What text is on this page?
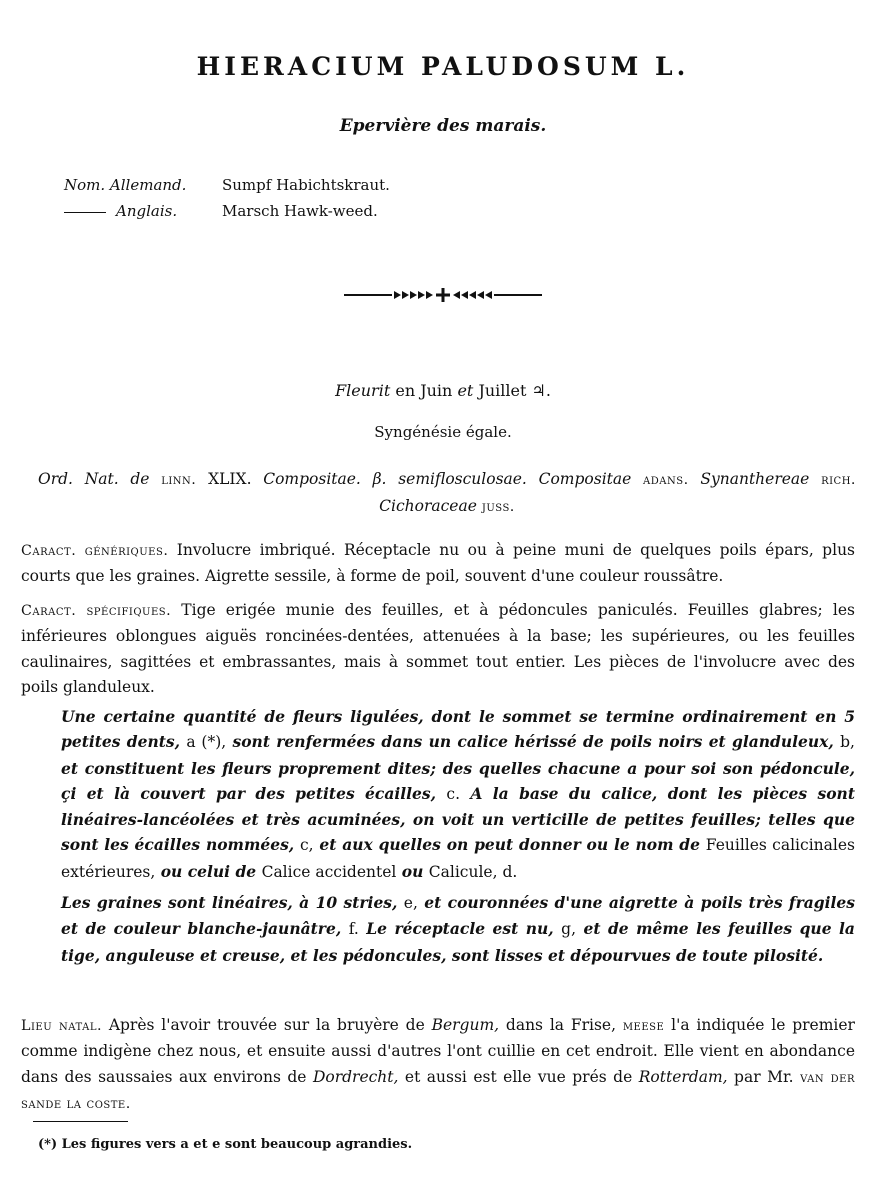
HIERACIUM PALUDOSUM L.
Epervière des marais.
Nom. Allemand.	Sumpf Habichtskraut.
Anglais.	Marsch Hawk-weed.
Fleurit en Juin et Juillet ♃.
Syngénésie égale.
Ord. Nat. de linn. XLIX. Compositae. β. semiflosculosae. Compositae adans. Synanthereae rich. Cichoraceae juss.
Caract. génériques. Involucre imbriqué. Réceptacle nu ou à peine muni de quelques poils épars, plus courts que les graines. Aigrette sessile, à forme de poil, souvent d'une couleur roussâtre.
Caract. spécifiques. Tige erigée munie des feuilles, et à pédoncules paniculés. Feuilles glabres; les inférieures oblongues aiguës roncinées-dentées, attenuées à la base; les supérieures, ou les feuilles caulinaires, sagittées et embrassantes, mais à sommet tout entier. Les pièces de l'involucre avec des poils glanduleux.
Une certaine quantité de fleurs ligulées, dont le sommet se termine ordinairement en 5 petites dents, a (*), sont renfermées dans un calice hérissé de poils noirs et glanduleux, b, et constituent les fleurs proprement dites; des quelles chacune a pour soi son pédoncule, çi et là couvert par des petites écailles, c. A la base du calice, dont les pièces sont linéaires-lancéolées et très acuminées, on voit un verticille de petites feuilles; telles que sont les écailles nommées, c, et aux quelles on peut donner ou le nom de Feuilles calicinales extérieures, ou celui de Calice accidentel ou Calicule, d.
Les graines sont linéaires, à 10 stries, e, et couronnées d'une aigrette à poils très fragiles et de couleur blanche-jaunâtre, f. Le réceptacle est nu, g, et de même les feuilles que la tige, anguleuse et creuse, et les pédoncules, sont lisses et dépourvues de toute pilosité.
Lieu natal. Après l'avoir trouvée sur la bruyère de Bergum, dans la Frise, meese l'a indiquée le premier comme indigène chez nous, et ensuite aussi d'autres l'ont cuillie en cet endroit. Elle vient en abondance dans des saussaies aux environs de Dordrecht, et aussi est elle vue prés de Rotterdam, par Mr. van der sande la coste.
(*) Les figures vers a et e sont beaucoup agrandies.
